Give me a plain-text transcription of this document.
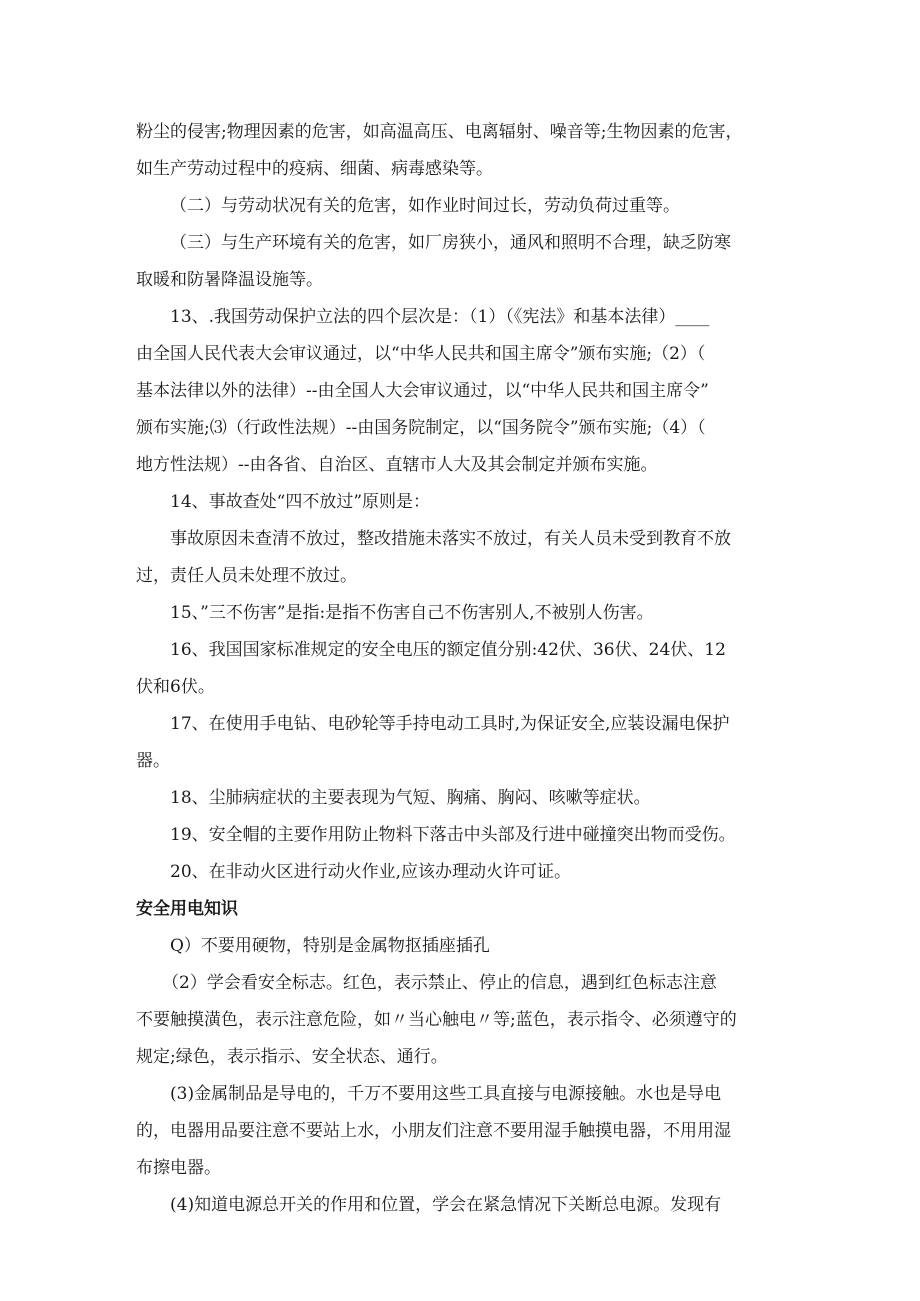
粉尘的侵害;物理因素的危害，如高温高压、电离辐射、噪音等;生物因素的危害，
如生产劳动过程中的疫病、细菌、病毒感染等。
（二）与劳动状况有关的危害，如作业时间过长，劳动负荷过重等。
（三）与生产环境有关的危害，如厂房狭小，通风和照明不合理，缺乏防寒
取暖和防暑降温设施等。
13、.我国劳动保护立法的四个层次是：（1）（《宪法》和基本法律）____
由全国人民代表大会审议通过，以“中华人民共和国主席令”颁布实施;（2）（
基本法律以外的法律）--由全国人大会审议通过，以“中华人民共和国主席令”
颁布实施;⑶（行政性法规）--由国务院制定，以“国务院令”颁布实施;（4）（
地方性法规）--由各省、自治区、直辖市人大及其会制定并颁布实施。
14、事故查处“四不放过”原则是：
事故原因未查清不放过，整改措施未落实不放过，有关人员未受到教育不放
过，责任人员未处理不放过。
15、”三不伤害”是指:是指不伤害自己不伤害别人,不被别人伤害。
16、我国国家标准规定的安全电压的额定值分别:42伏、36伏、24伏、12
伏和6伏。
17、在使用手电钻、电砂轮等手持电动工具时,为保证安全,应装设漏电保护
器。
18、尘肺病症状的主要表现为气短、胸痛、胸闷、咳嗽等症状。
19、安全帽的主要作用防止物料下落击中头部及行进中碰撞突出物而受伤。
20、在非动火区进行动火作业,应该办理动火许可证。
安全用电知识
Q）不要用硬物，特别是金属物抠插座插孔
（2）学会看安全标志。红色，表示禁止、停止的信息，遇到红色标志注意
不要触摸潢色，表示注意危险，如〃当心触电〃等;蓝色，表示指令、必须遵守的
规定;绿色，表示指示、安全状态、通行。
(3)金属制品是导电的，千万不要用这些工具直接与电源接触。水也是导电
的，电器用品要注意不要站上水，小朋友们注意不要用湿手触摸电器，不用用湿
布擦电器。
(4)知道电源总开关的作用和位置，学会在紧急情况下关断总电源。发现有
